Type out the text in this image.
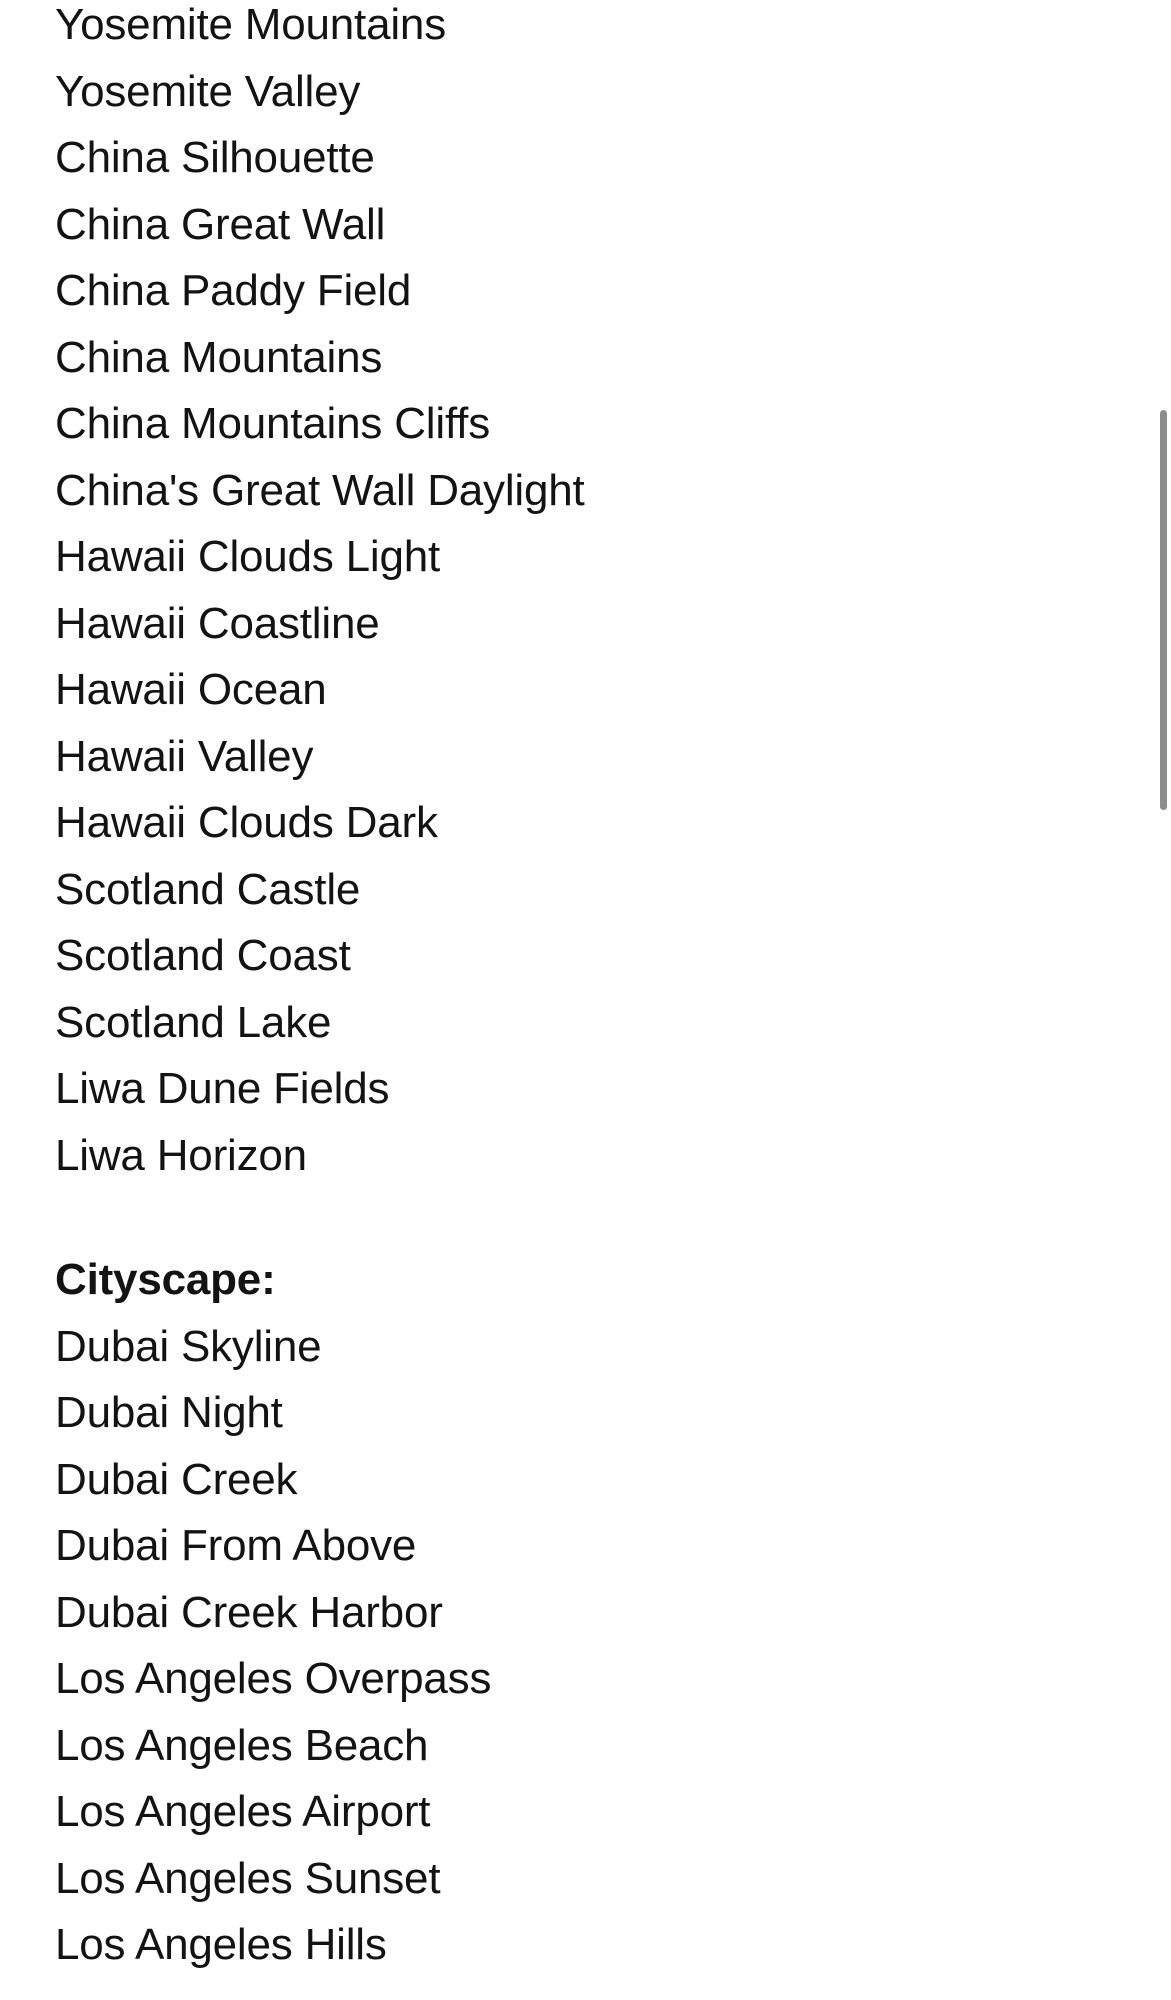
Yosemite Mountains
Yosemite Valley
China Silhouette
China Great Wall
China Paddy Field
China Mountains
China Mountains Cliffs
China's Great Wall Daylight
Hawaii Clouds Light
Hawaii Coastline
Hawaii Ocean
Hawaii Valley
Hawaii Clouds Dark
Scotland Castle
Scotland Coast
Scotland Lake
Liwa Dune Fields
Liwa Horizon
Cityscape:
Dubai Skyline
Dubai Night
Dubai Creek
Dubai From Above
Dubai Creek Harbor
Los Angeles Overpass
Los Angeles Beach
Los Angeles Airport
Los Angeles Sunset
Los Angeles Hills
